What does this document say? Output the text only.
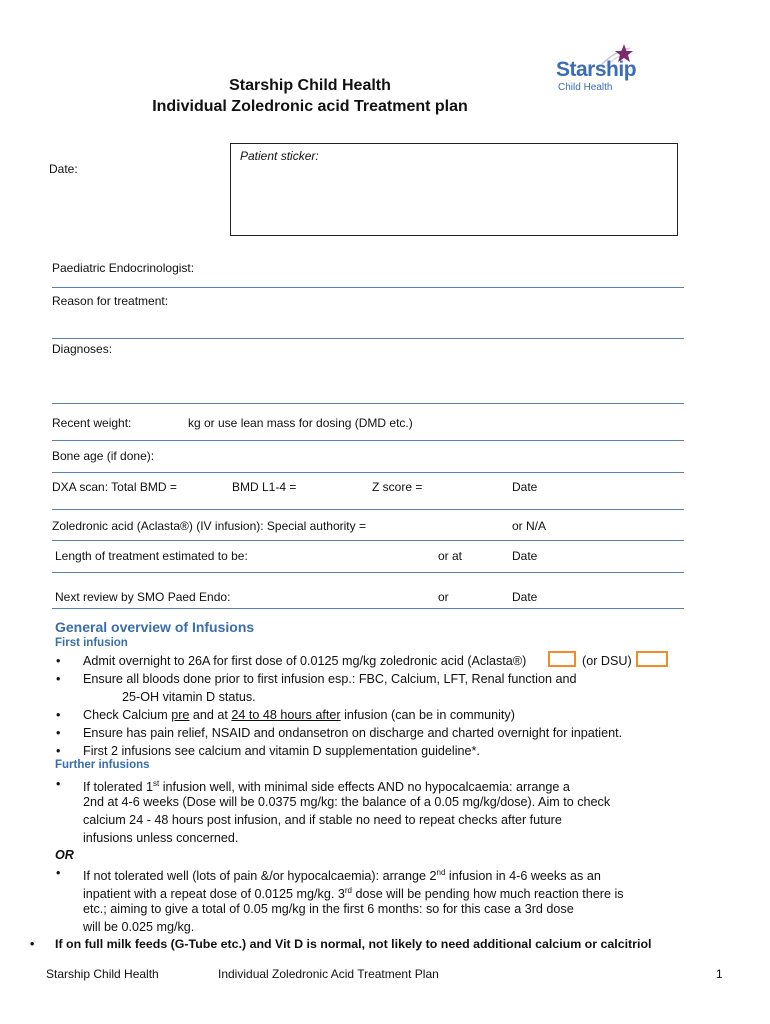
Starship
Child Health
Starship Child Health
Individual Zoledronic acid Treatment plan
Date:
Patient sticker:
Paediatric Endocrinologist:
Reason for treatment:
Diagnoses:
Recent weight:	kg or use lean mass for dosing (DMD etc.)
Bone age (if done):
DXA scan: Total BMD =	BMD L1-4 =	Z score =	Date
Zoledronic acid (Aclasta®) (IV infusion): Special authority =	or N/A
Length of treatment estimated to be:	or at	Date
Next review by SMO Paed Endo:	or	Date
General overview of Infusions
First infusion
• Admit overnight to 26A for first dose of 0.0125 mg/kg zoledronic acid (Aclasta®)	(or DSU)
• Ensure all bloods done prior to first infusion esp.: FBC, Calcium, LFT, Renal function and
25-OH vitamin D status.
• Check Calcium pre and at 24 to 48 hours after infusion (can be in community)
• Ensure has pain relief, NSAID and ondansetron on discharge and charted overnight for inpatient.
• First 2 infusions see calcium and vitamin D supplementation guideline*.
Further infusions
• If tolerated 1st infusion well, with minimal side effects AND no hypocalcaemia: arrange a
2nd at 4-6 weeks (Dose will be 0.0375 mg/kg: the balance of a 0.05 mg/kg/dose). Aim to check
calcium 24 - 48 hours post infusion, and if stable no need to repeat checks after future
infusions unless concerned.
OR
• If not tolerated well (lots of pain &/or hypocalcaemia): arrange 2nd infusion in 4-6 weeks as an
inpatient with a repeat dose of 0.0125 mg/kg. 3rd dose will be pending how much reaction there is
etc.; aiming to give a total of 0.05 mg/kg in the first 6 months: so for this case a 3rd dose
will be 0.025 mg/kg.
• If on full milk feeds (G-Tube etc.) and Vit D is normal, not likely to need additional calcium or calcitriol
Starship Child Health	Individual Zoledronic Acid Treatment Plan	1
